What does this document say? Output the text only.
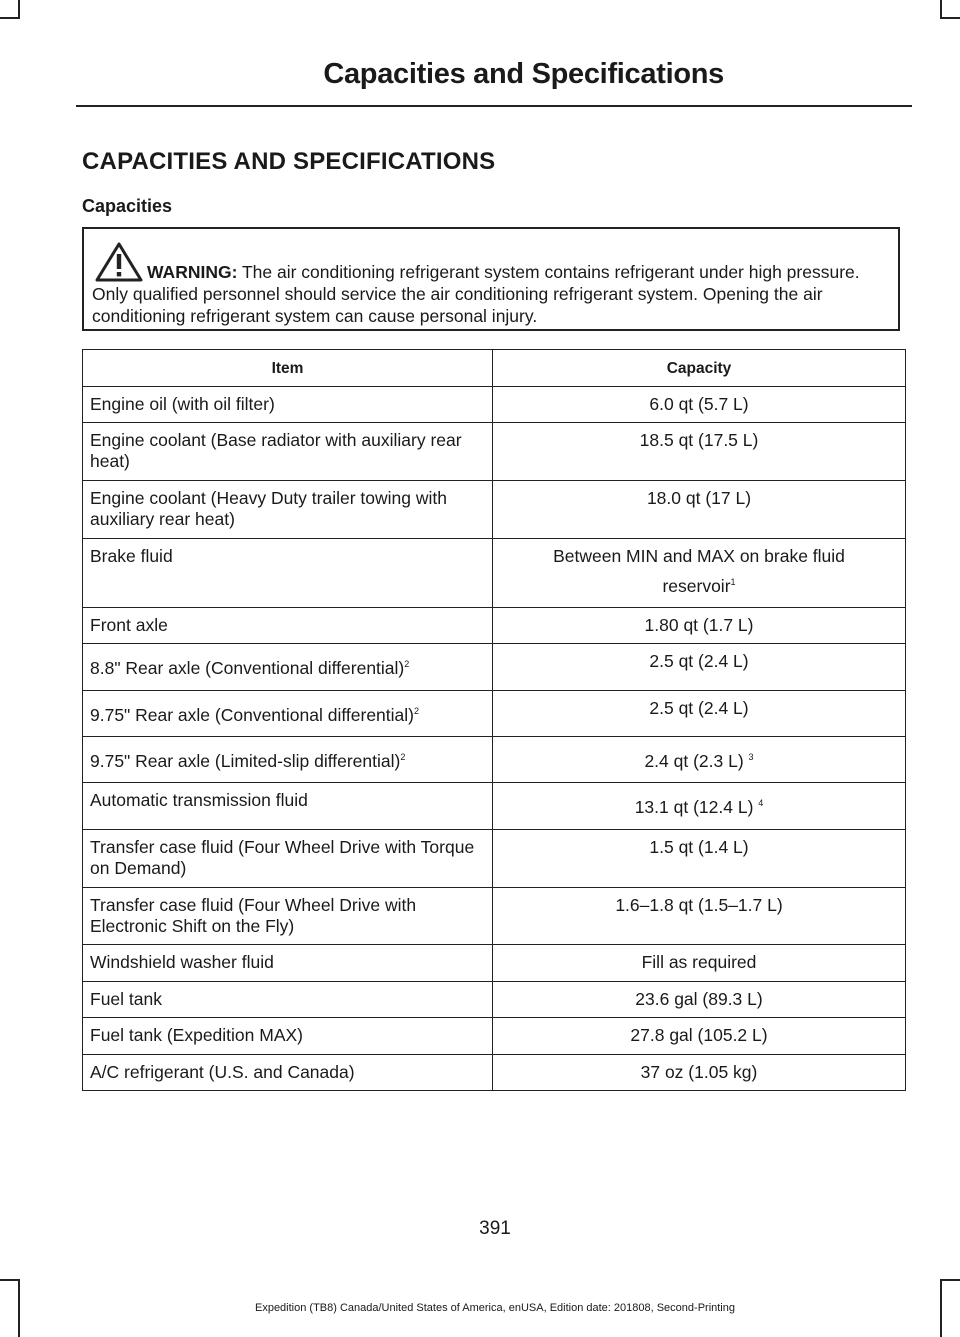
Capacities and Specifications
CAPACITIES AND SPECIFICATIONS
Capacities
WARNING: The air conditioning refrigerant system contains refrigerant under high pressure. Only qualified personnel should service the air conditioning refrigerant system. Opening the air conditioning refrigerant system can cause personal injury.
Item	Capacity
Engine oil (with oil filter)	6.0 qt (5.7 L)
Engine coolant (Base radiator with auxiliary rear heat)	18.5 qt (17.5 L)
Engine coolant (Heavy Duty trailer towing with auxiliary rear heat)	18.0 qt (17 L)
Brake fluid	Between MIN and MAX on brake fluid reservoir$^1$
Front axle	1.80 qt (1.7 L)
8.8" Rear axle (Conventional differential)$^2$	2.5 qt (2.4 L)
9.75" Rear axle (Conventional differential)$^2$	2.5 qt (2.4 L)
9.75" Rear axle (Limited-slip differential)$^2$	2.4 qt (2.3 L) $^3$
Automatic transmission fluid	13.1 qt (12.4 L) $^4$
Transfer case fluid (Four Wheel Drive with Torque on Demand)	1.5 qt (1.4 L)
Transfer case fluid (Four Wheel Drive with Electronic Shift on the Fly)	1.6–1.8 qt (1.5–1.7 L)
Windshield washer fluid	Fill as required
Fuel tank	23.6 gal (89.3 L)
Fuel tank (Expedition MAX)	27.8 gal (105.2 L)
A/C refrigerant (U.S. and Canada)	37 oz (1.05 kg)
391
Expedition (TB8) Canada/United States of America, enUSA, Edition date: 201808, Second-Printing
